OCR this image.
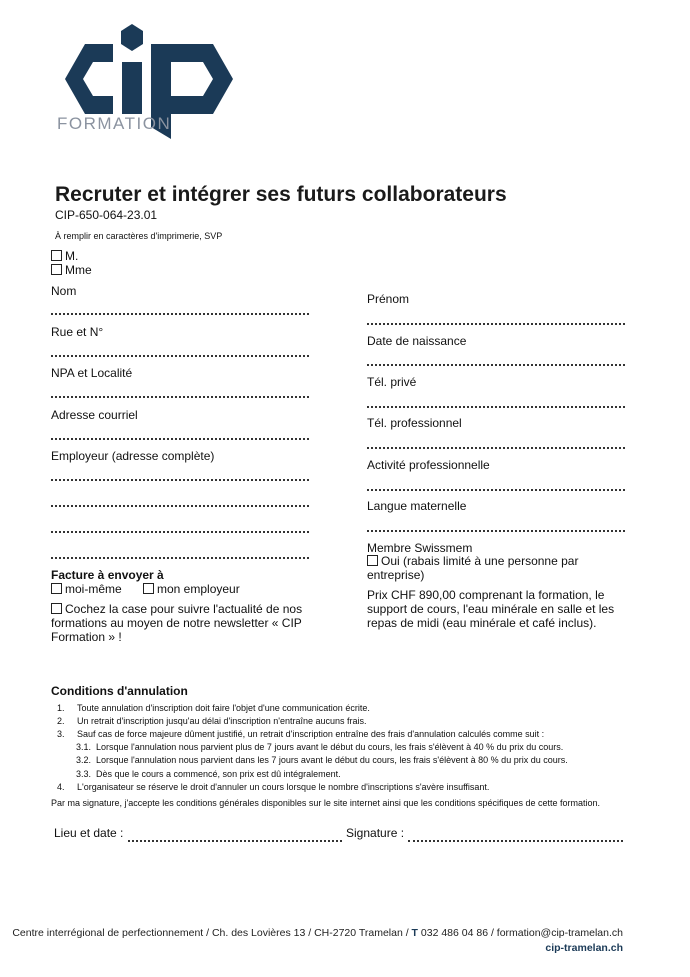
FORMATION
Recruter et intégrer ses futurs collaborateurs
CIP-650-064-23.01
À remplir en caractères d'imprimerie, SVP
M.
Mme
Nom
Rue et N°
NPA et Localité
Adresse courriel
Employeur (adresse complète)
Facture à envoyer à
moi-même	mon employeur
Cochez la case pour suivre l'actualité de nos formations au moyen de notre newsletter « CIP Formation » !
Prénom
Date de naissance
Tél. privé
Tél. professionnel
Activité professionnelle
Langue maternelle
Membre Swissmem
Oui (rabais limité à une personne par entreprise)
Prix CHF 890,00 comprenant la formation, le support de cours, l'eau minérale en salle et les repas de midi (eau minérale et café inclus).
Conditions d'annulation
1. Toute annulation d'inscription doit faire l'objet d'une communication écrite.
2. Un retrait d'inscription jusqu'au délai d'inscription n'entraîne aucuns frais.
3. Sauf cas de force majeure dûment justifié, un retrait d'inscription entraîne des frais d'annulation calculés comme suit :
3.1. Lorsque l'annulation nous parvient plus de 7 jours avant le début du cours, les frais s'élèvent à 40 % du prix du cours.
3.2. Lorsque l'annulation nous parvient dans les 7 jours avant le début du cours, les frais s'élèvent à 80 % du prix du cours.
3.3. Dès que le cours a commencé, son prix est dû intégralement.
4. L'organisateur se réserve le droit d'annuler un cours lorsque le nombre d'inscriptions s'avère insuffisant.
Par ma signature, j'accepte les conditions générales disponibles sur le site internet ainsi que les conditions spécifiques de cette formation.
Lieu et date :	Signature :
Centre interrégional de perfectionnement / Ch. des Lovières 13 / CH-2720 Tramelan / T 032 486 04 86 / formation@cip-tramelan.ch
cip-tramelan.ch
